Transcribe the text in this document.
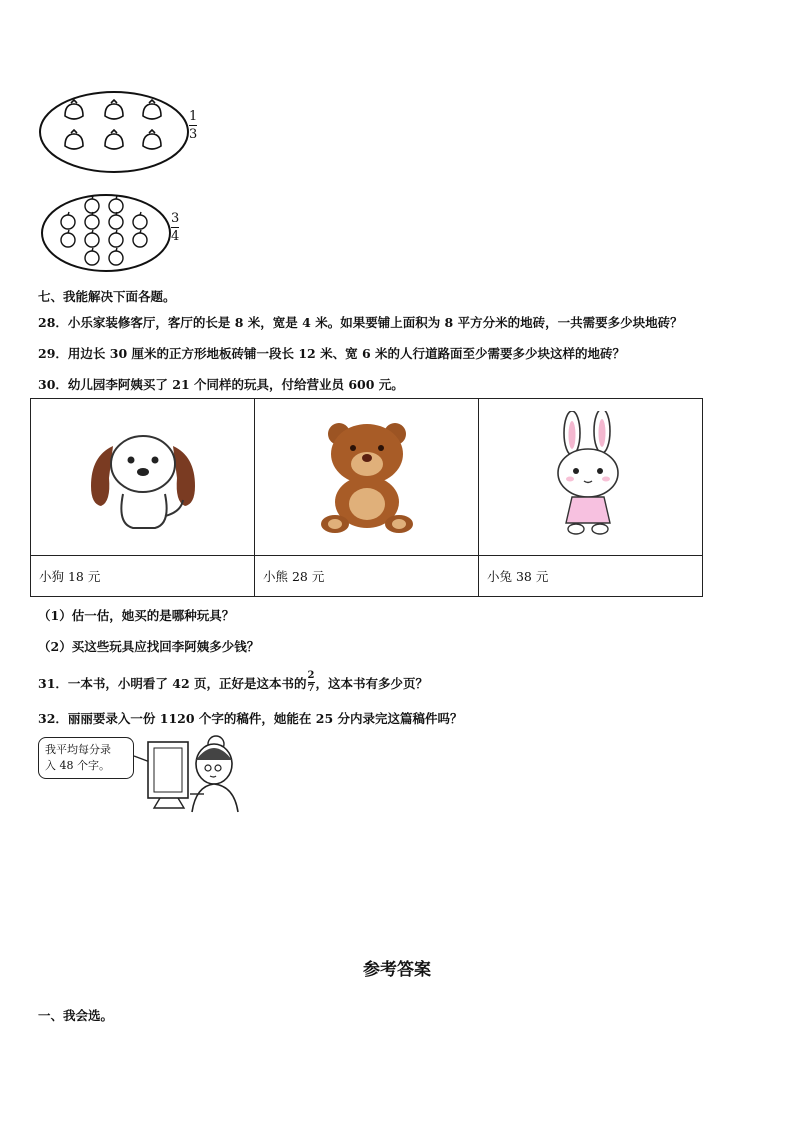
1
3
3
4
七、我能解决下面各题。
28．小乐家装修客厅，客厅的长是 8 米，宽是 4 米。如果要铺上面积为 8 平方分米的地砖，一共需要多少块地砖？
29．用边长 30 厘米的正方形地板砖铺一段长 12 米、宽 6 米的人行道路面至少需要多少块这样的地砖？
30．幼儿园李阿姨买了 21 个同样的玩具，付给营业员 600 元。

小狗 18 元	小熊 28 元	小兔 38 元
（1）估一估，她买的是哪种玩具？
（2）买这些玩具应找回李阿姨多少钱？
31．一本书，小明看了 42 页，正好是这本书的 $\frac{2}{7}$ ，这本书有多少页？
32．丽丽要录入一份 1120 个字的稿件，她能在 25 分内录完这篇稿件吗？
我平均每分录
入 48 个字。
参考答案
一、我会选。
